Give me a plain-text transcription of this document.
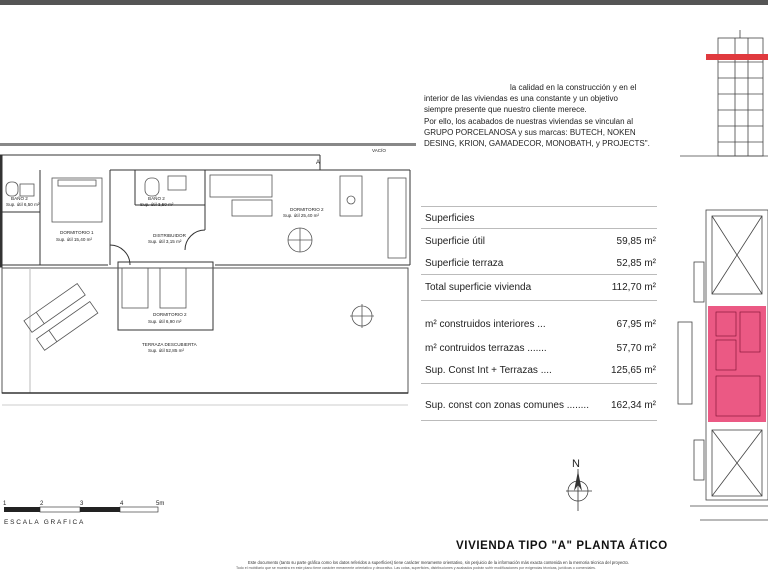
BAÑO 2
Sup. útil 6,50 m²
DORMITORIO 1
Sup. útil 15,40 m²
BAÑO 2
Sup. útil 3,50 m²
DISTRIBUIDOR
Sup. útil 3,15 m²
DORMITORIO 2
Sup. útil 25,40 m²
DORMITORIO 2
Sup. útil 6,90 m²
TERRAZA DESCUBIERTA
Sup. útil 52,85 m²
VACÍO
A
la calidad en la construcción y en el
interior de las viviendas es una constante y un objetivo
siempre presente que nuestro cliente merece.
Por ello, los acabados de nuestras viviendas se vinculan al
GRUPO PORCELANOSA y sus marcas: BUTECH, NOKEN
DESING, KRION, GAMADECOR, MONOBATH, y PROJECTS".
Superficies
Superficie útil	59,85 m²
Superficie terraza	52,85 m²
Total superficie vivienda	112,70 m²
m² construidos interiores ...	67,95 m²
m² contruidos terrazas .......	57,70 m²
Sup. Const Int + Terrazas ....	125,65 m²
Sup. const con zonas comunes ........ 162,34 m²
N
1	2	3	4	5m
ESCALA GRAFICA
VIVIENDA TIPO "A" PLANTA ÁTICO
Este documento (tanto su parte gráfica como los datos referidos a superficies) tiene carácter meramente orientativo, sin perjuicio de la información más exacta contenida en la memoria técnica del proyecto.
Todo el mobiliario que se muestra en este plano tiene carácter meramente orientativo y decorativo. Las cotas, superficies, distribuciones y acabados podrán sufrir modificaciones por exigencias técnicas, jurídicas o comerciales.
